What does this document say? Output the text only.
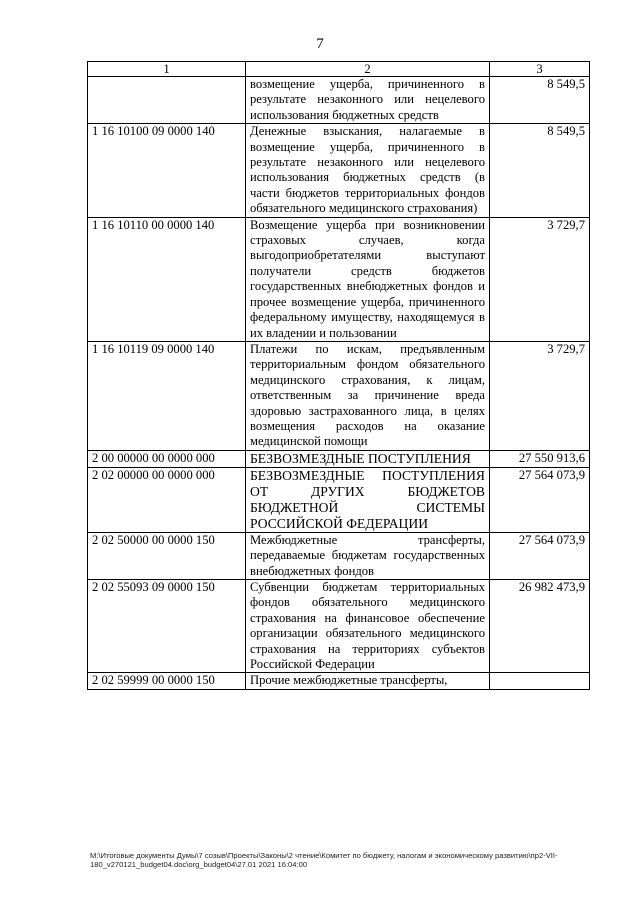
7
1	2	3
	возмещение ущерба, причиненного в результате незаконного или нецелевого использования бюджетных средств	8 549,5
1 16 10100 09 0000 140	Денежные взыскания, налагаемые в возмещение ущерба, причиненного в результате незаконного или нецелевого использования бюджетных средств (в части бюджетов территориальных фондов обязательного медицинского страхования)	8 549,5
1 16 10110 00 0000 140	Возмещение ущерба при возникновении страховых случаев, когда выгодоприобретателями выступают получатели средств бюджетов государственных внебюджетных фондов и прочее возмещение ущерба, причиненного федеральному имуществу, находящемуся в их владении и пользовании	3 729,7
1 16 10119 09 0000 140	Платежи по искам, предъявленным территориальным фондом обязательного медицинского страхования, к лицам, ответственным за причинение вреда здоровью застрахованного лица, в целях возмещения расходов на оказание медицинской помощи	3 729,7
2 00 00000 00 0000 000	БЕЗВОЗМЕЗДНЫЕ ПОСТУПЛЕНИЯ	27 550 913,6
2 02 00000 00 0000 000	БЕЗВОЗМЕЗДНЫЕ ПОСТУПЛЕНИЯ ОТ ДРУГИХ БЮДЖЕТОВ БЮДЖЕТНОЙ СИСТЕМЫ РОССИЙСКОЙ ФЕДЕРАЦИИ	27 564 073,9
2 02 50000 00 0000 150	Межбюджетные трансферты, передаваемые бюджетам государственных внебюджетных фондов	27 564 073,9
2 02 55093 09 0000 150	Субвенции бюджетам территориальных фондов обязательного медицинского страхования на финансовое обеспечение организации обязательного медицинского страхования на территориях субъектов Российской Федерации	26 982 473,9
2 02 59999 00 0000 150	Прочие межбюджетные трансферты,	
M:\Итоговые документы Думы\7 созыв\Проекты\Законы\2 чтение\Комитет по бюджету, налогам и экономическому развитию\пр2-VII-
180_v270121_budget04.doc\org_budget04\27.01 2021 16:04:00
